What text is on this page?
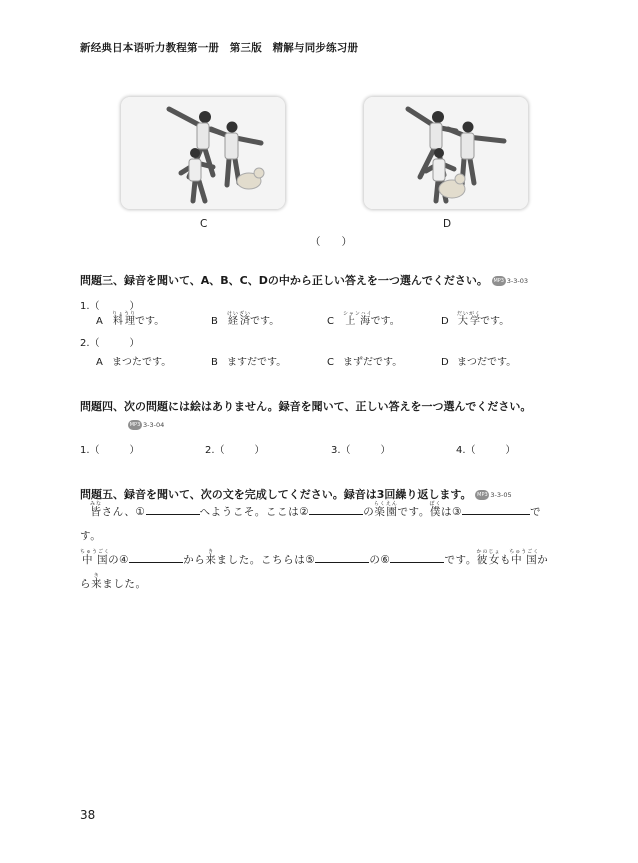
新经典日本语听力教程第一册　第三版　精解与同步练习册
C	D
（　　）
問題三、録音を聞いて、A、B、C、Dの中から正しい答えを一つ選んでください。 MP3 3-3-03
1.（　　　）
A 料理りょうりです。	B 経済けいざいです。	C 上海シャンハイです。	D 大学だいがくです。
2.（　　　）
A まつたです。	B ますだです。	C まずだです。	D まつだです。
問題四、次の問題には絵はありません。録音を聞いて、正しい答えを一つ選んでください。
MP3 3-3-04
1.（　　　）	2.（　　　）	3.（　　　）	4.（　　　）
問題五、録音を聞いて、次の文を完成してください。録音は3回繰り返します。 MP3 3-3-05
皆みなさん、①	へようこそ。ここは②	の楽園らくえんです。僕ぼくは③	です。
中国ちゅうごくの④	から来きました。こちらは⑤	の⑥	です。彼女かのじょも中国ちゅうごくか
ら来きました。
38
